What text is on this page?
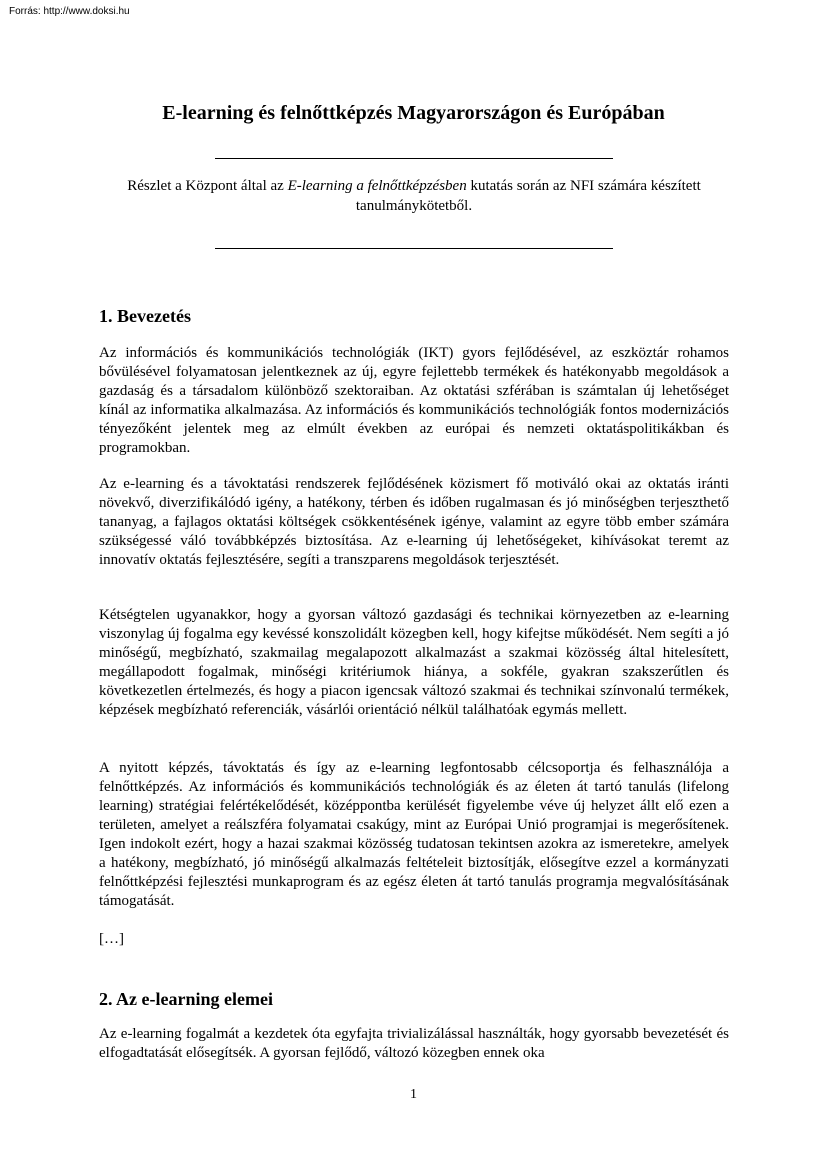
Forrás: http://www.doksi.hu
E-learning és felnőttképzés Magyarországon és Európában

Részlet a Központ által az E-learning a felnőttképzésben kutatás során az NFI számára készített tanulmánykötetből.

1. Bevezetés

Az információs és kommunikációs technológiák (IKT) gyors fejlődésével, az eszköztár rohamos bővülésével folyamatosan jelentkeznek az új, egyre fejlettebb termékek és hatékonyabb megoldások a gazdaság és a társadalom különböző szektoraiban. Az oktatási szférában is számtalan új lehetőséget kínál az informatika alkalmazása. Az információs és kommunikációs technológiák fontos modernizációs tényezőként jelentek meg az elmúlt években az európai és nemzeti oktatáspolitikákban és programokban.

Az e-learning és a távoktatási rendszerek fejlődésének közismert fő motiváló okai az oktatás iránti növekvő, diverzifikálódó igény, a hatékony, térben és időben rugalmasan és jó minőségben terjeszthető tananyag, a fajlagos oktatási költségek csökkentésének igénye, valamint az egyre több ember számára szükségessé váló továbbképzés biztosítása. Az e-learning új lehetőségeket, kihívásokat teremt az innovatív oktatás fejlesztésére, segíti a transzparens megoldások terjesztését.

Kétségtelen ugyanakkor, hogy a gyorsan változó gazdasági és technikai környezetben az e-learning viszonylag új fogalma egy kevéssé konszolidált közegben kell, hogy kifejtse működését. Nem segíti a jó minőségű, megbízható, szakmailag megalapozott alkalmazást a szakmai közösség által hitelesített, megállapodott fogalmak, minőségi kritériumok hiánya, a sokféle, gyakran szakszerűtlen és következetlen értelmezés, és hogy a piacon igencsak változó szakmai és technikai színvonalú termékek, képzések megbízható referenciák, vásárlói orientáció nélkül találhatóak egymás mellett.

A nyitott képzés, távoktatás és így az e-learning legfontosabb célcsoportja és felhasználója a felnőttképzés. Az információs és kommunikációs technológiák és az életen át tartó tanulás (lifelong learning) stratégiai felértékelődését, középpontba kerülését figyelembe véve új helyzet állt elő ezen a területen, amelyet a reálszféra folyamatai csakúgy, mint az Európai Unió programjai is megerősítenek. Igen indokolt ezért, hogy a hazai szakmai közösség tudatosan tekintsen azokra az ismeretekre, amelyek a hatékony, megbízható, jó minőségű alkalmazás feltételeit biztosítják, elősegítve ezzel a kormányzati felnőttképzési fejlesztési munkaprogram és az egész életen át tartó tanulás programja megvalósításának támogatását.

[…]

2. Az e-learning elemei

Az e-learning fogalmát a kezdetek óta egyfajta trivializálással használták, hogy gyorsabb bevezetését és elfogadtatását elősegítsék. A gyorsan fejlődő, változó közegben ennek oka

1
